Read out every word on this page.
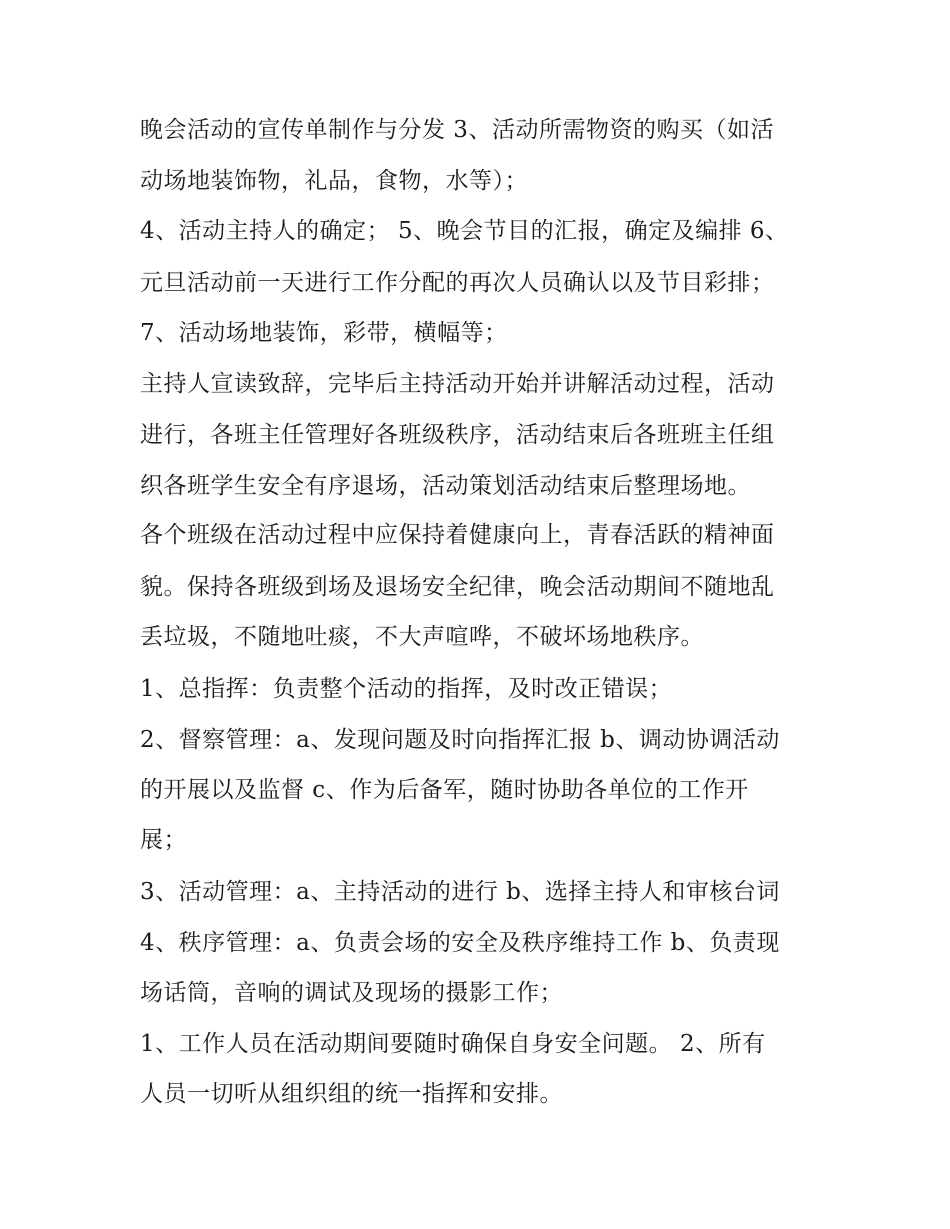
晚会活动的宣传单制作与分发 3、活动所需物资的购买（如活
动场地装饰物，礼品，食物，水等）；
4、活动主持人的确定； 5、晚会节目的汇报，确定及编排 6、
元旦活动前一天进行工作分配的再次人员确认以及节目彩排；
7、活动场地装饰，彩带，横幅等；
主持人宣读致辞，完毕后主持活动开始并讲解活动过程，活动
进行，各班主任管理好各班级秩序，活动结束后各班班主任组
织各班学生安全有序退场，活动策划活动结束后整理场地。
各个班级在活动过程中应保持着健康向上，青春活跃的精神面
貌。保持各班级到场及退场安全纪律，晚会活动期间不随地乱
丢垃圾，不随地吐痰，不大声喧哗，不破坏场地秩序。
1、总指挥：负责整个活动的指挥，及时改正错误；
2、督察管理：a、发现问题及时向指挥汇报 b、调动协调活动
的开展以及监督 c、作为后备军，随时协助各单位的工作开
展；
3、活动管理：a、主持活动的进行 b、选择主持人和审核台词
4、秩序管理：a、负责会场的安全及秩序维持工作 b、负责现
场话筒，音响的调试及现场的摄影工作；
1、工作人员在活动期间要随时确保自身安全问题。 2、所有
人员一切听从组织组的统一指挥和安排。
